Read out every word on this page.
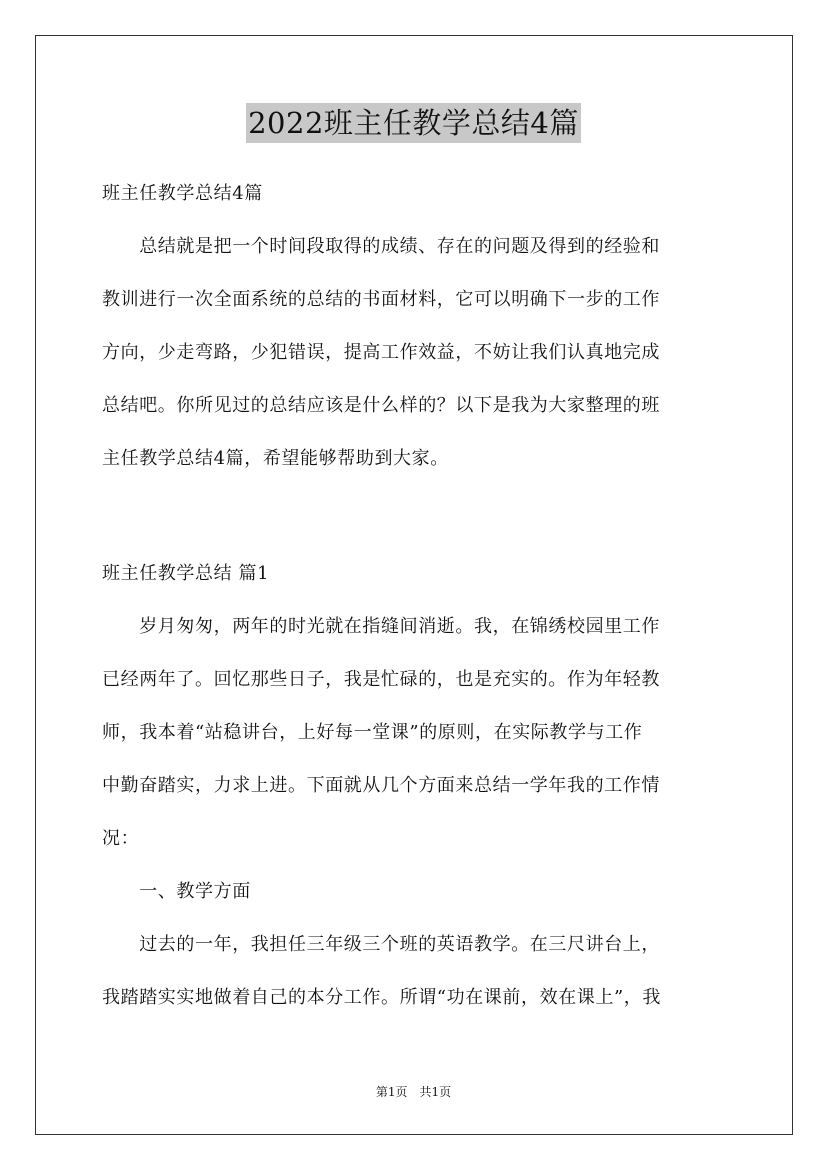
2022班主任教学总结4篇
班主任教学总结4篇
　　总结就是把一个时间段取得的成绩、存在的问题及得到的经验和
教训进行一次全面系统的总结的书面材料，它可以明确下一步的工作
方向，少走弯路，少犯错误，提高工作效益，不妨让我们认真地完成
总结吧。你所见过的总结应该是什么样的？以下是我为大家整理的班
主任教学总结4篇，希望能够帮助到大家。
班主任教学总结 篇1
　　岁月匆匆，两年的时光就在指缝间消逝。我，在锦绣校园里工作
已经两年了。回忆那些日子，我是忙碌的，也是充实的。作为年轻教
师，我本着“站稳讲台，上好每一堂课”的原则，在实际教学与工作
中勤奋踏实，力求上进。下面就从几个方面来总结一学年我的工作情
况：
　　一、教学方面
　　过去的一年，我担任三年级三个班的英语教学。在三尺讲台上，
我踏踏实实地做着自己的本分工作。所谓“功在课前，效在课上”，我
第1页　共1页
